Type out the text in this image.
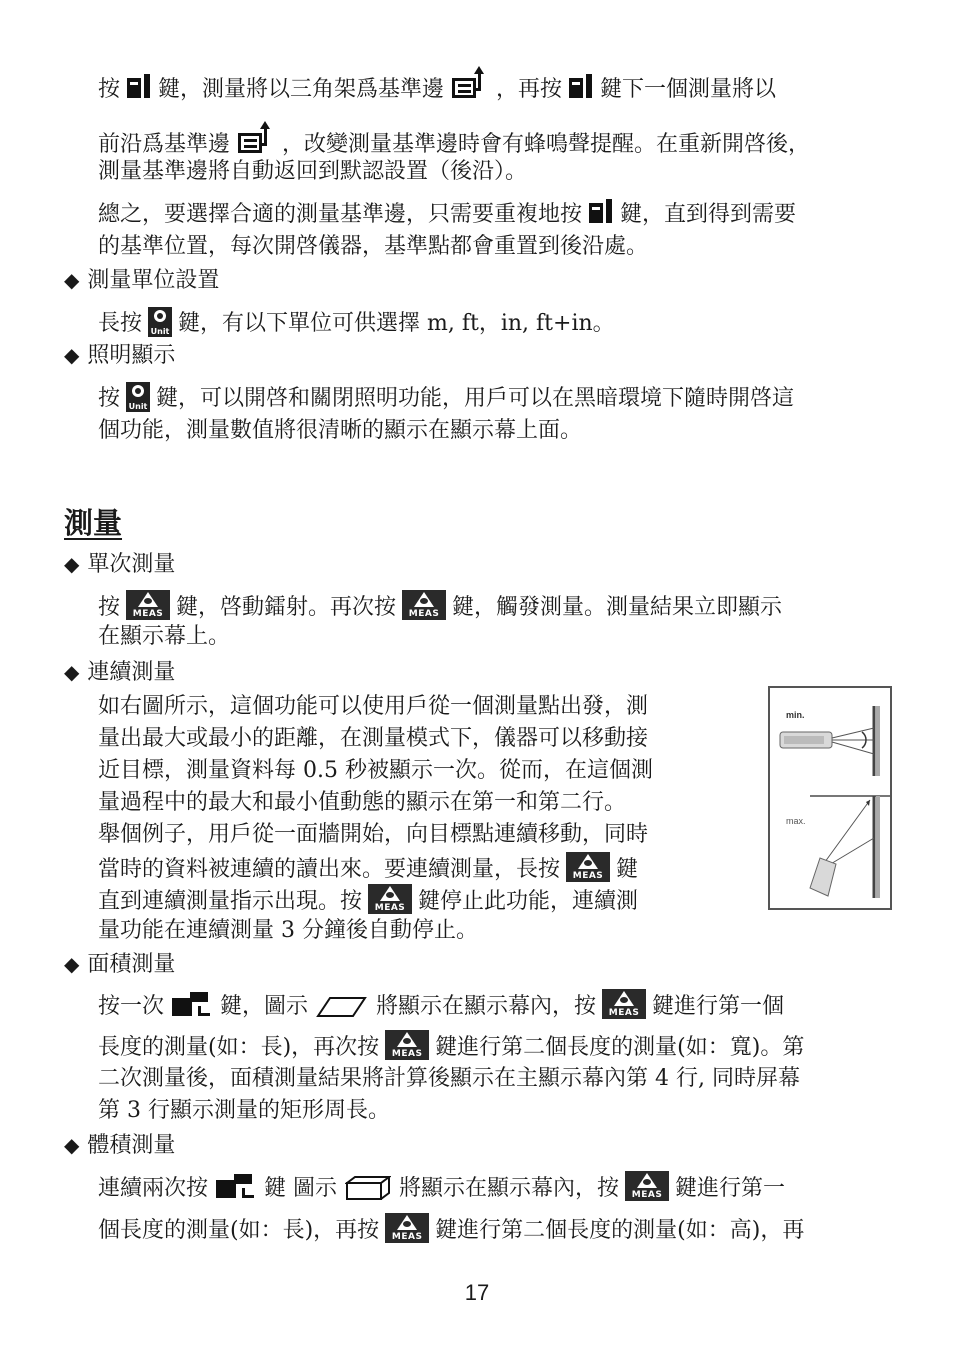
按 鍵，測量將以三角架爲基準邊 ，再按 鍵下一個測量將以
前沿爲基準邊 ，改變測量基準邊時會有蜂鳴聲提醒。在重新開啓後，
測量基準邊將自動返回到默認設置（後沿）。
總之，要選擇合適的測量基準邊，只需要重複地按 鍵，直到得到需要
的基準位置，每次開啓儀器，基準點都會重置到後沿處。
◆ 測量單位設置
長按	Unit 鍵，有以下單位可供選擇 m, ft，in, ft+in。
◆ 照明顯示
按	Unit 鍵，可以開啓和關閉照明功能，用戶可以在黑暗環境下隨時開啓這
個功能，測量數值將很清晰的顯示在顯示幕上面。
測量
◆ 單次測量
按	MEAS 鍵，啓動鐳射。再次按	MEAS 鍵，觸發測量。測量結果立即顯示
在顯示幕上。
◆ 連續測量
如右圖所示，這個功能可以使用戶從一個測量點出發，測
量出最大或最小的距離，在測量模式下，儀器可以移動接
近目標，測量資料每 0.5 秒被顯示一次。從而，在這個測
量過程中的最大和最小值動態的顯示在第一和第二行。
舉個例子，用戶從一面牆開始，向目標點連續移動，同時
當時的資料被連續的讀出來。要連續測量，長按	MEAS 鍵
直到連續測量指示出現。按	MEAS 鍵停止此功能，連續測
量功能在連續測量 3 分鐘後自動停止。
min.
max.
◆ 面積測量
按一次	鍵，圖示	將顯示在顯示幕內，按	MEAS 鍵進行第一個
長度的測量(如：長)，再次按	MEAS 鍵進行第二個長度的測量(如：寬)。第
二次測量後，面積測量結果將計算後顯示在主顯示幕內第 4 行, 同時屏幕
第 3 行顯示測量的矩形周長。
◆ 體積測量
連續兩次按	鍵 圖示	將顯示在顯示幕內，按	MEAS 鍵進行第一
個長度的測量(如：長)，再按	MEAS 鍵進行第二個長度的測量(如：高)，再
17
